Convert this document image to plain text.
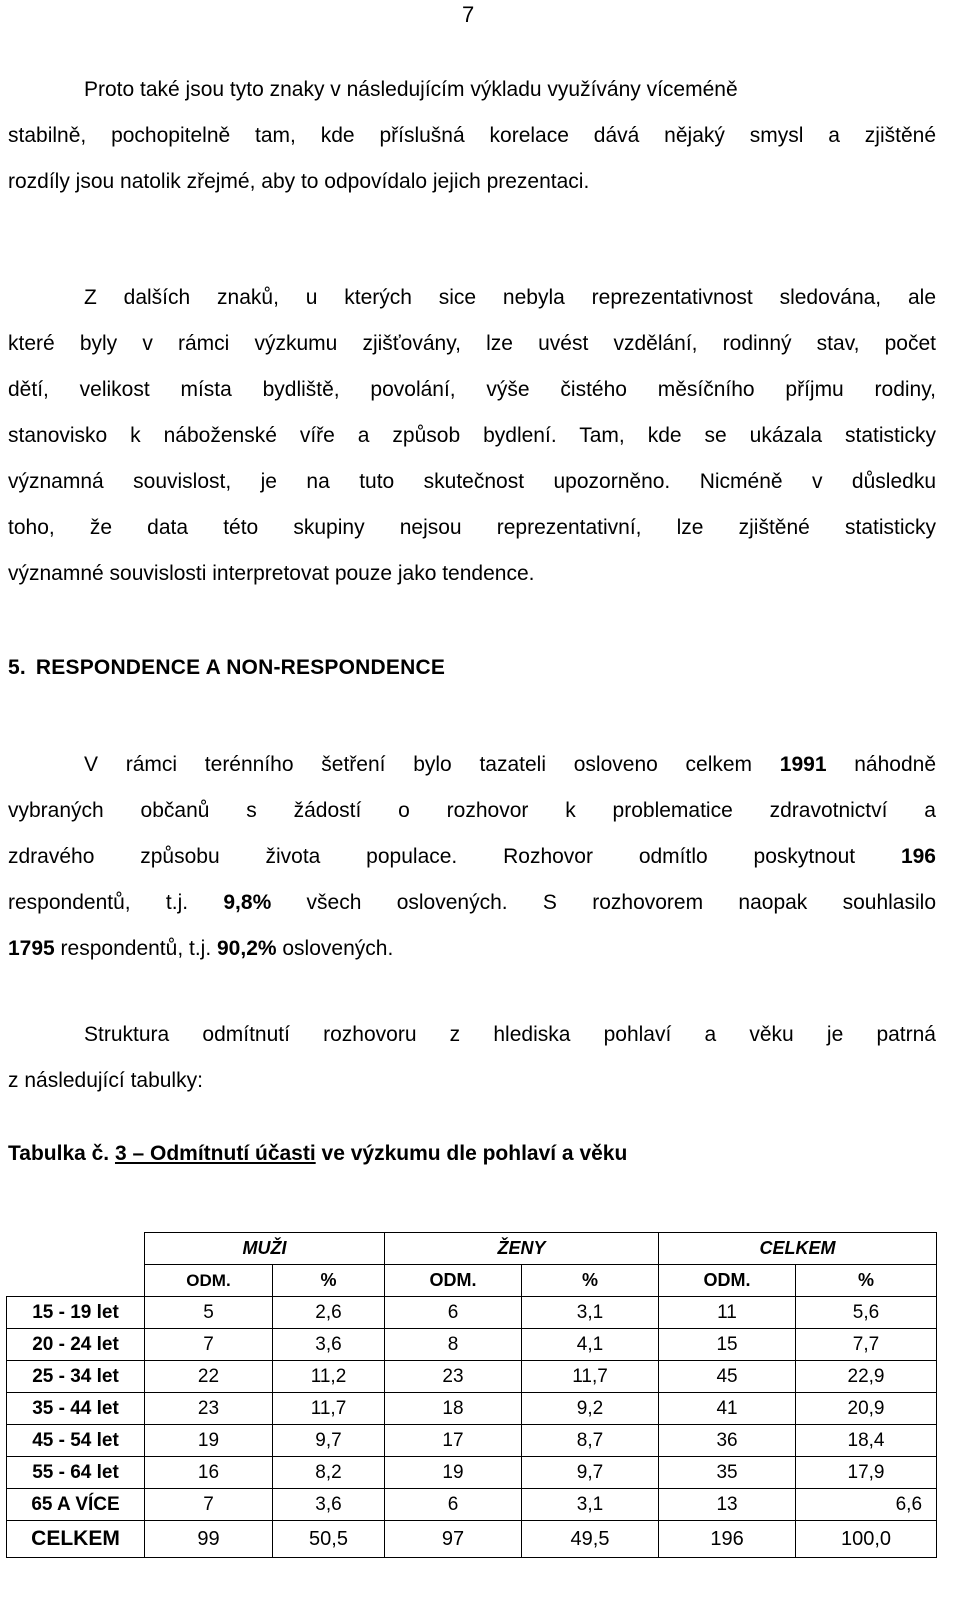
7

Proto také jsou tyto znaky v následujícím výkladu využívány víceméně
stabilně, pochopitelně tam, kde příslušná korelace dává nějaký smysl a zjištěné
rozdíly jsou natolik zřejmé, aby to odpovídalo jejich prezentaci.

Z dalších znaků, u kterých sice nebyla reprezentativnost sledována, ale
které byly v rámci výzkumu zjišťovány, lze uvést vzdělání, rodinný stav, počet
dětí, velikost místa bydliště, povolání, výše čistého měsíčního příjmu rodiny,
stanovisko k náboženské víře a způsob bydlení. Tam, kde se ukázala statisticky
významná souvislost, je na tuto skutečnost upozorněno. Nicméně v důsledku
toho, že data této skupiny nejsou reprezentativní, lze zjištěné statisticky
významné souvislosti interpretovat pouze jako tendence.

5. RESPONDENCE A NON-RESPONDENCE

V rámci terénního šetření bylo tazateli osloveno celkem 1991 náhodně
vybraných občanů s žádostí o rozhovor k problematice zdravotnictví a
zdravého způsobu života populace. Rozhovor odmítlo poskytnout 196
respondentů, t.j. 9,8% všech oslovených. S rozhovorem naopak souhlasilo
1795 respondentů, t.j. 90,2% oslovených.

Struktura odmítnutí rozhovoru z hlediska pohlaví a věku je patrná
z následující tabulky:

Tabulka č. 3 – Odmítnutí účasti ve výzkumu dle pohlaví a věku

	MUŽI		ŽENY		CELKEM	
	ODM.	%	ODM.	%	ODM.	%
15 - 19 let	5	2,6	6	3,1	11	5,6
20 - 24 let	7	3,6	8	4,1	15	7,7
25 - 34 let	22	11,2	23	11,7	45	22,9
35 - 44 let	23	11,7	18	9,2	41	20,9
45 - 54 let	19	9,7	17	8,7	36	18,4
55 - 64 let	16	8,2	19	9,7	35	17,9
65 A VÍCE	7	3,6	6	3,1	13	6,6
CELKEM	99	50,5	97	49,5	196	100,0
